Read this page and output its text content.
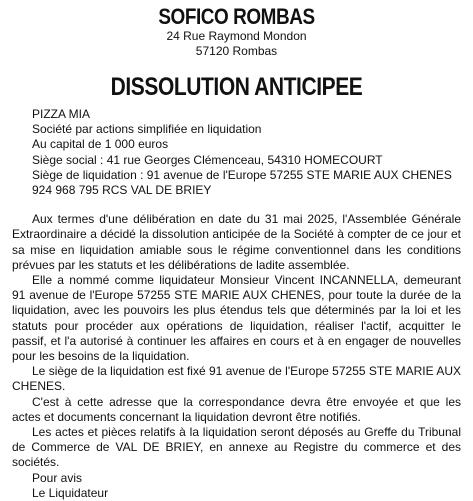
SOFICO ROMBAS
24 Rue Raymond Mondon
57120 Rombas
DISSOLUTION ANTICIPEE
PIZZA MIA
Société par actions simplifiée en liquidation
Au capital de 1 000 euros
Siège social : 41 rue Georges Clémenceau, 54310 HOMECOURT
Siège de liquidation : 91 avenue de l'Europe 57255 STE MARIE AUX CHENES
924 968 795 RCS VAL DE BRIEY

Aux termes d'une délibération en date du 31 mai 2025, l'Assemblée Générale Extraordinaire a décidé la dissolution anticipée de la Société à compter de ce jour et sa mise en liquidation amiable sous le régime conventionnel dans les conditions prévues par les statuts et les délibérations de ladite assemblée.

Elle a nommé comme liquidateur Monsieur Vincent INCANNELLA, demeurant 91 avenue de l'Europe 57255 STE MARIE AUX CHENES, pour toute la durée de la liquidation, avec les pouvoirs les plus étendus tels que déterminés par la loi et les statuts pour procéder aux opérations de liquidation, réaliser l'actif, acquitter le passif, et l'a autorisé à continuer les affaires en cours et à en engager de nouvelles pour les besoins de la liquidation.

Le siège de la liquidation est fixé 91 avenue de l'Europe 57255 STE MARIE AUX CHENES.

C'est à cette adresse que la correspondance devra être envoyée et que les actes et documents concernant la liquidation devront être notifiés.

Les actes et pièces relatifs à la liquidation seront déposés au Greffe du Tribunal de Commerce de VAL DE BRIEY, en annexe au Registre du commerce et des sociétés.

Pour avis
Le Liquidateur
